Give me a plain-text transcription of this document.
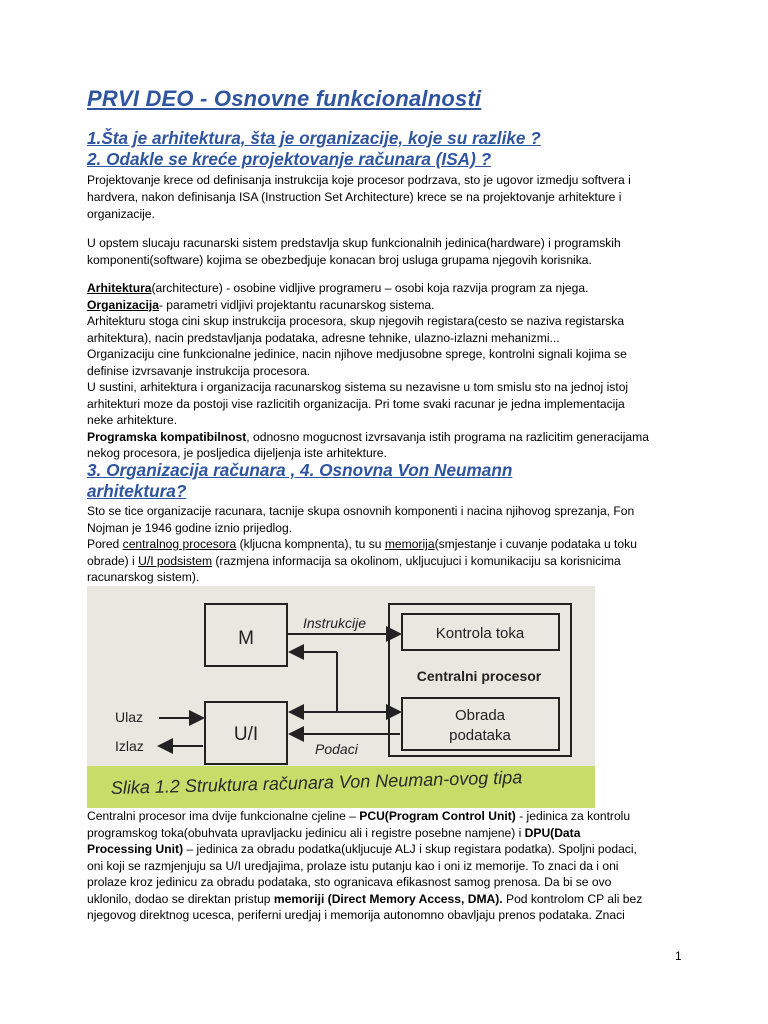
PRVI DEO - Osnovne funkcionalnosti
1.Šta je arhitektura, šta je organizacije, koje su razlike ?
2. Odakle se kreće projektovanje računara (ISA) ?
Projektovanje krece od definisanja instrukcija koje procesor podrzava, sto je ugovor izmedju softvera i
hardvera, nakon definisanja ISA (Instruction Set Architecture) krece se na projektovanje arhitekture i
organizacije.
U opstem slucaju racunarski sistem predstavlja skup funkcionalnih jedinica(hardware) i programskih
komponenti(software) kojima se obezbedjuje konacan broj usluga grupama njegovih korisnika.
Arhitektura(architecture) - osobine vidljive programeru – osobi koja razvija program za njega.
Organizacija- parametri vidljivi projektantu racunarskog sistema.
Arhitekturu stoga cini skup instrukcija procesora, skup njegovih registara(cesto se naziva registarska
arhitektura), nacin predstavljanja podataka, adresne tehnike, ulazno-izlazni mehanizmi...
Organizaciju cine funkcionalne jedinice, nacin njihove medjusobne sprege, kontrolni signali kojima se
definise izvrsavanje instrukcija procesora.
U sustini, arhitektura i organizacija racunarskog sistema su nezavisne u tom smislu sto na jednoj istoj
arhitekturi moze da postoji vise razlicitih organizacija. Pri tome svaki racunar je jedna implementacija
neke arhitekture.
Programska kompatibilnost, odnosno mogucnost izvrsavanja istih programa na razlicitim generacijama
nekog procesora, je posljedica dijeljenja iste arhitekture.
3. Organizacija računara , 4. Osnovna Von Neumann
arhitektura?
Sto se tice organizacije racunara, tacnije skupa osnovnih komponenti i nacina njihovog sprezanja, Fon
Nojman je 1946 godine iznio prijedlog.
Pored centralnog procesora (kljucna kompnenta), tu su memorija(smjestanje i cuvanje podataka u toku
obrade) i U/I podsistem (razmjena informacija sa okolinom, ukljucujuci i komunikaciju sa korisnicima
racunarskog sistem).
M
U/I
Kontrola toka
Centralni procesor
Obrada
podataka
Instrukcije
Podaci
Ulaz
Izlaz
Slika 1.2 Struktura računara Von Neuman-ovog tipa
Centralni procesor ima dvije funkcionalne cjeline – PCU(Program Control Unit) - jedinica za kontrolu
programskog toka(obuhvata upravljacku jedinicu ali i registre posebne namjene) i DPU(Data
Processing Unit) – jedinica za obradu podatka(ukljucuje ALJ i skup registara podatka). Spoljni podaci,
oni koji se razmjenjuju sa U/I uredjajima, prolaze istu putanju kao i oni iz memorije. To znaci da i oni
prolaze kroz jedinicu za obradu podataka, sto ogranicava efikasnost samog prenosa. Da bi se ovo
uklonilo, dodao se direktan pristup memoriji (Direct Memory Access, DMA). Pod kontrolom CP ali bez
njegovog direktnog ucesca, periferni uredjaj i memorija autonomno obavljaju prenos podataka. Znaci
1
